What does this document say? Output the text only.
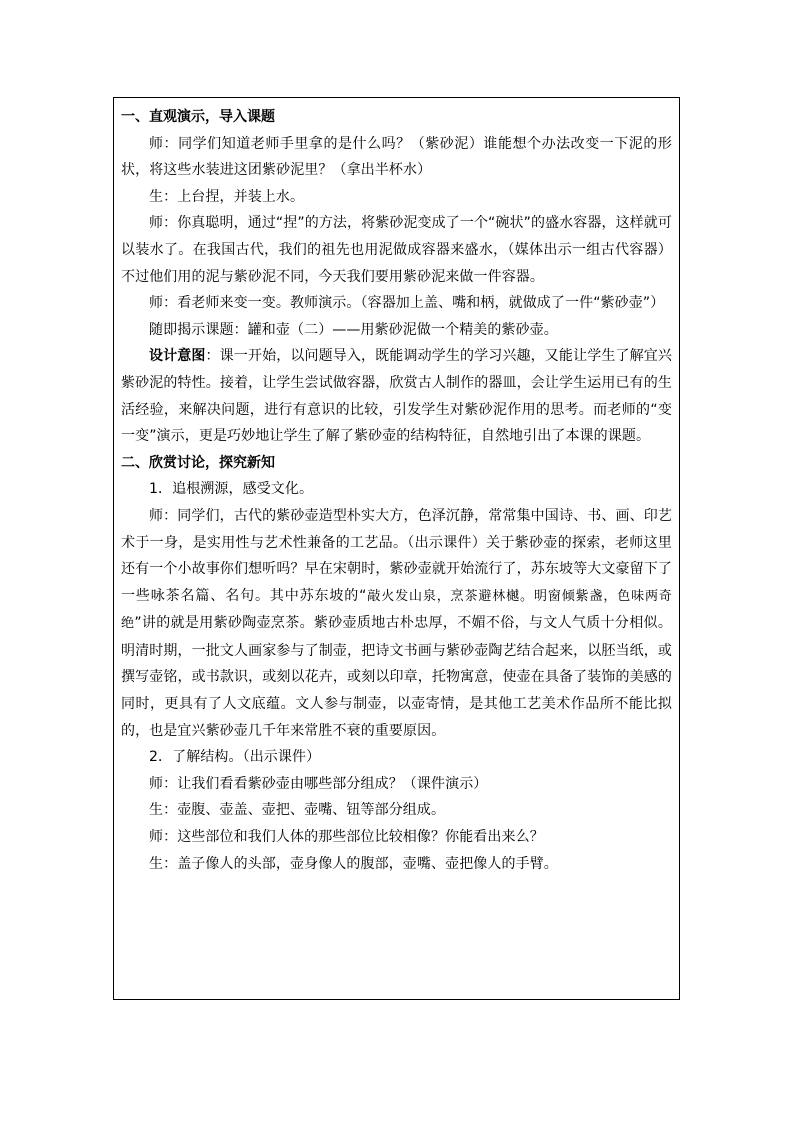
一、直观演示，导入课题

师：同学们知道老师手里拿的是什么吗？（紫砂泥）谁能想个办法改变一下泥的形状，将这些水装进这团紫砂泥里？（拿出半杯水）

生：上台捏，并装上水。

师：你真聪明，通过“捏”的方法，将紫砂泥变成了一个“碗状”的盛水容器，这样就可以装水了。在我国古代，我们的祖先也用泥做成容器来盛水，（媒体出示一组古代容器）不过他们用的泥与紫砂泥不同，今天我们要用紫砂泥来做一件容器。

师：看老师来变一变。教师演示。（容器加上盖、嘴和柄，就做成了一件“紫砂壶”）

随即揭示课题：罐和壶（二）——用紫砂泥做一个精美的紫砂壶。

设计意图：课一开始，以问题导入，既能调动学生的学习兴趣，又能让学生了解宜兴紫砂泥的特性。接着，让学生尝试做容器，欣赏古人制作的器皿，会让学生运用已有的生活经验，来解决问题，进行有意识的比较，引发学生对紫砂泥作用的思考。而老师的“变一变”演示，更是巧妙地让学生了解了紫砂壶的结构特征，自然地引出了本课的课题。

二、欣赏讨论，探究新知

1．追根溯源，感受文化。

师：同学们，古代的紫砂壶造型朴实大方，色泽沉静，常常集中国诗、书、画、印艺术于一身，是实用性与艺术性兼备的工艺品。（出示课件）关于紫砂壶的探索，老师这里还有一个小故事你们想听吗？早在宋朝时，紫砂壶就开始流行了，苏东坡等大文豪留下了一些咏茶名篇、名句。其中苏东坡的“敲火发山泉，烹茶避林樾。明窗倾紫盏，色味两奇绝”讲的就是用紫砂陶壶烹茶。紫砂壶质地古朴忠厚，不媚不俗，与文人气质十分相似。明清时期，一批文人画家参与了制壶，把诗文书画与紫砂壶陶艺结合起来，以胚当纸，或撰写壶铭，或书款识，或刻以花卉，或刻以印章，托物寓意，使壶在具备了装饰的美感的同时，更具有了人文底蕴。文人参与制壶，以壶寄情，是其他工艺美术作品所不能比拟的，也是宜兴紫砂壶几千年来常胜不衰的重要原因。

2．了解结构。（出示课件）

师：让我们看看紫砂壶由哪些部分组成？（课件演示）

生：壶腹、壶盖、壶把、壶嘴、钮等部分组成。

师：这些部位和我们人体的那些部位比较相像？你能看出来么？

生：盖子像人的头部，壶身像人的腹部，壶嘴、壶把像人的手臂。
